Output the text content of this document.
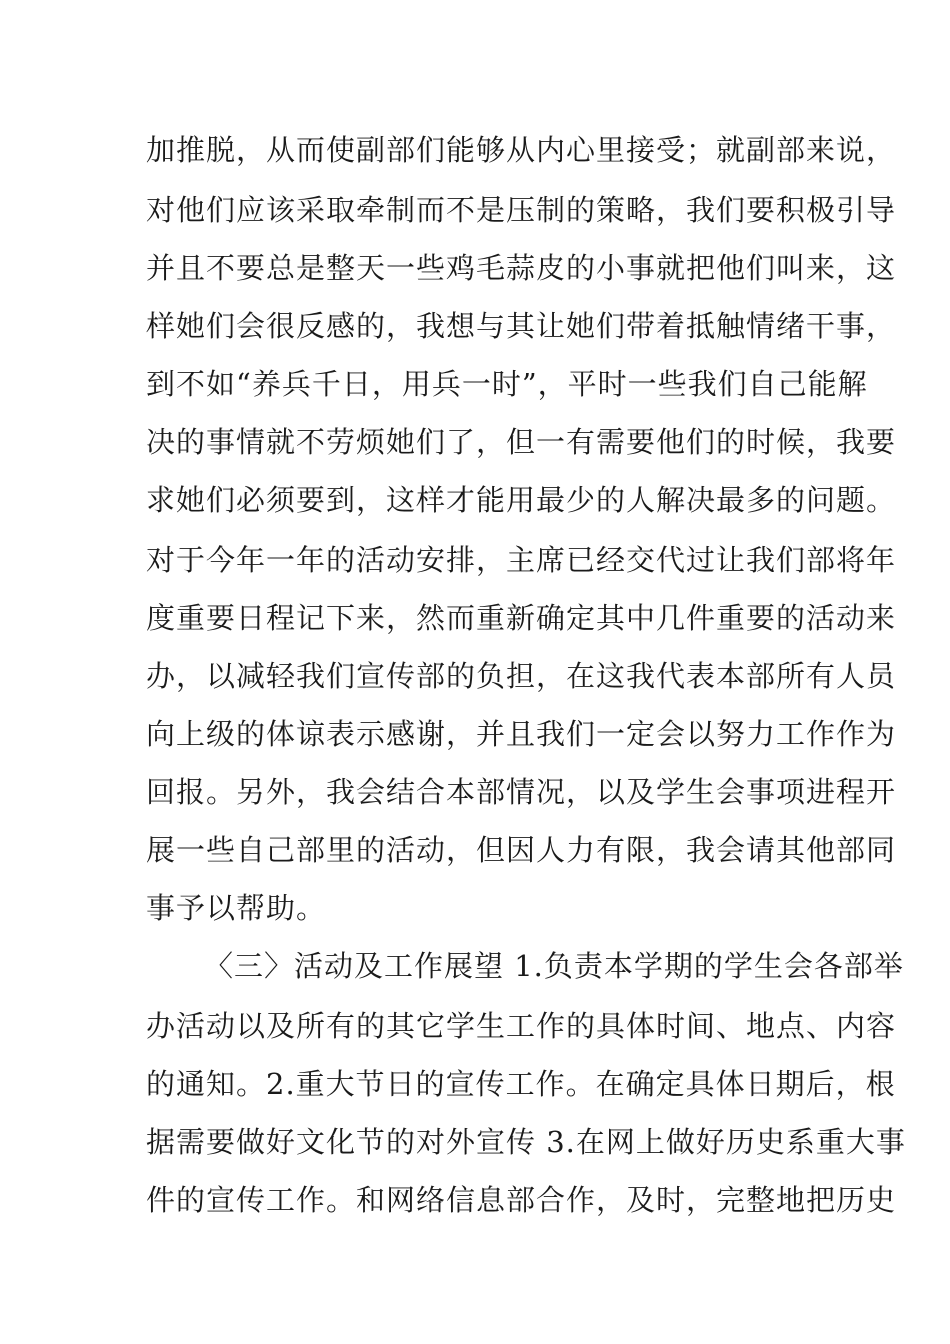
加推脱，从而使副部们能够从内心里接受；就副部来说，
对他们应该采取牵制而不是压制的策略，我们要积极引导
并且不要总是整天一些鸡毛蒜皮的小事就把他们叫来，这
样她们会很反感的，我想与其让她们带着抵触情绪干事，
到不如“养兵千日，用兵一时”，平时一些我们自己能解
决的事情就不劳烦她们了，但一有需要他们的时候，我要
求她们必须要到，这样才能用最少的人解决最多的问题。
对于今年一年的活动安排，主席已经交代过让我们部将年
度重要日程记下来，然而重新确定其中几件重要的活动来
办，以减轻我们宣传部的负担，在这我代表本部所有人员
向上级的体谅表示感谢，并且我们一定会以努力工作作为
回报。另外，我会结合本部情况，以及学生会事项进程开
展一些自己部里的活动，但因人力有限，我会请其他部同
事予以帮助。
〈三〉活动及工作展望 1.负责本学期的学生会各部举
办活动以及所有的其它学生工作的具体时间、地点、内容
的通知。2.重大节日的宣传工作。在确定具体日期后，根
据需要做好文化节的对外宣传 3.在网上做好历史系重大事
件的宣传工作。和网络信息部合作，及时，完整地把历史
